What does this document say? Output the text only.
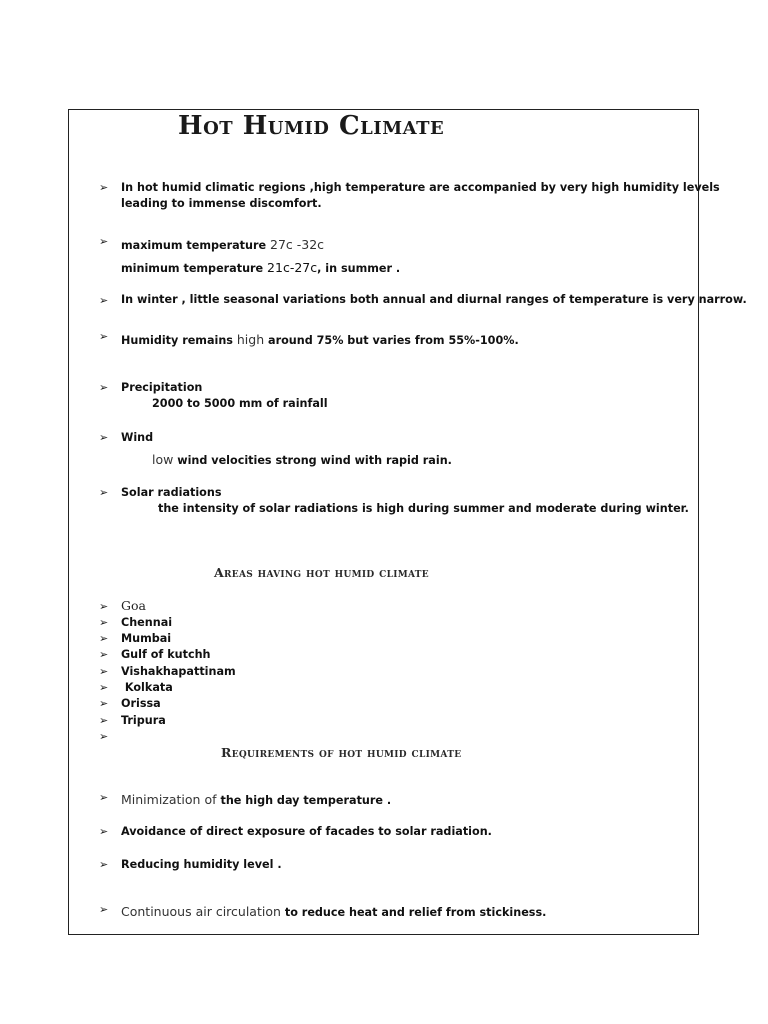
Hot Humid Climate
➢ In hot humid climatic regions ,high temperature are accompanied by very high humidity levels

leading to immense discomfort.

➢ maximum temperature 27c -32c

minimum temperature 21c-27c, in summer .

➢ In winter , little seasonal variations both annual and diurnal ranges of temperature is very narrow.

➢ Humidity remains high around 75% but varies from 55%-100%.

➢ Precipitation

2000 to 5000 mm of rainfall

➢ Wind

low wind velocities strong wind with rapid rain.

➢ Solar radiations

the intensity of solar radiations is high during summer and moderate during winter.

Areas having hot humid climate
➢ Goa

➢ Chennai

➢ Mumbai

➢ Gulf of kutchh

➢ Vishakhapattinam

➢ Kolkata

➢ Orissa

➢ Tripura

➢

Requirements of hot humid climate
➢ Minimization of the high day temperature .

➢ Avoidance of direct exposure of facades to solar radiation.

➢ Reducing humidity level .

➢ Continuous air circulation to reduce heat and relief from stickiness.
